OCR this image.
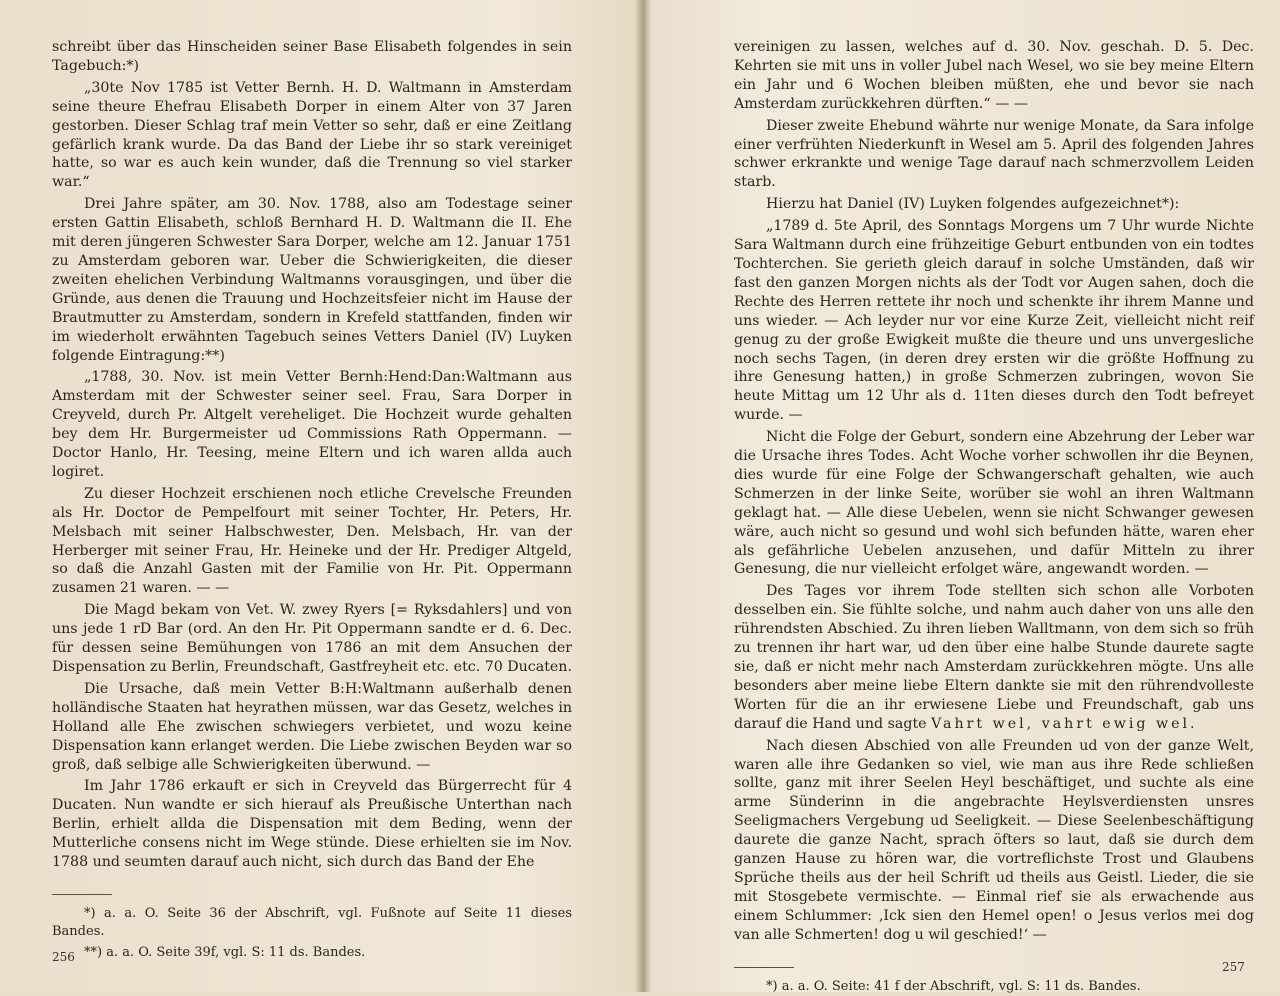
schreibt über das Hinscheiden seiner Base Elisabeth folgendes in sein Tagebuch:*)

„30te Nov 1785 ist Vetter Bernh. H. D. Waltmann in Amsterdam seine theure Ehefrau Elisabeth Dorper in einem Alter von 37 Jaren gestorben. Dieser Schlag traf mein Vetter so sehr, daß er eine Zeitlang gefärlich krank wurde. Da das Band der Liebe ihr so stark vereiniget hatte, so war es auch kein wunder, daß die Trennung so viel starker war.“

Drei Jahre später, am 30. Nov. 1788, also am Todestage seiner ersten Gattin Elisabeth, schloß Bernhard H. D. Waltmann die II. Ehe mit deren jüngeren Schwester Sara Dorper, welche am 12. Januar 1751 zu Amsterdam geboren war. Ueber die Schwierigkeiten, die dieser zweiten ehelichen Verbindung Waltmanns vorausgingen, und über die Gründe, aus denen die Trauung und Hochzeitsfeier nicht im Hause der Brautmutter zu Amsterdam, sondern in Krefeld stattfanden, finden wir im wiederholt erwähnten Tagebuch seines Vetters Daniel (IV) Luyken folgende Eintragung:**)

„1788, 30. Nov. ist mein Vetter Bernh:Hend:Dan:Waltmann aus Amsterdam mit der Schwester seiner seel. Frau, Sara Dorper in Creyveld, durch Pr. Altgelt vereheliget. Die Hochzeit wurde gehalten bey dem Hr. Burgermeister ud Commissions Rath Oppermann. — Doctor Hanlo, Hr. Teesing, meine Eltern und ich waren allda auch logiret.

Zu dieser Hochzeit erschienen noch etliche Crevelsche Freunden als Hr. Doctor de Pempelfourt mit seiner Tochter, Hr. Peters, Hr. Melsbach mit seiner Halbschwester, Den. Melsbach, Hr. van der Herberger mit seiner Frau, Hr. Heineke und der Hr. Prediger Altgeld, so daß die Anzahl Gasten mit der Familie von Hr. Pit. Oppermann zusamen 21 waren. — —

Die Magd bekam von Vet. W. zwey Ryers [= Ryksdahlers] und von uns jede 1 rD Bar (ord. An den Hr. Pit Oppermann sandte er d. 6. Dec. für dessen seine Bemühungen von 1786 an mit dem Ansuchen der Dispensation zu Berlin, Freundschaft, Gastfreyheit etc. etc. 70 Ducaten.

Die Ursache, daß mein Vetter B:H:Waltmann außerhalb denen holländische Staaten hat heyrathen müssen, war das Gesetz, welches in Holland alle Ehe zwischen schwiegers verbietet, und wozu keine Dispensation kann erlanget werden. Die Liebe zwischen Beyden war so groß, daß selbige alle Schwierigkeiten überwund. —

Im Jahr 1786 erkauft er sich in Creyveld das Bürgerrecht für 4 Ducaten. Nun wandte er sich hierauf als Preußische Unterthan nach Berlin, erhielt allda die Dispensation mit dem Beding, wenn der Mutterliche consens nicht im Wege stünde. Diese erhielten sie im Nov. 1788 und seumten darauf auch nicht, sich durch das Band der Ehe

*) a. a. O. Seite 36 der Abschrift, vgl. Fußnote auf Seite 11 dieses Bandes.

**) a. a. O. Seite 39f, vgl. S: 11 ds. Bandes.

256

vereinigen zu lassen, welches auf d. 30. Nov. geschah. D. 5. Dec. Kehrten sie mit uns in voller Jubel nach Wesel, wo sie bey meine Eltern ein Jahr und 6 Wochen bleiben müßten, ehe und bevor sie nach Amsterdam zurückkehren dürften.“ — —

Dieser zweite Ehebund währte nur wenige Monate, da Sara infolge einer verfrühten Niederkunft in Wesel am 5. April des folgenden Jahres schwer erkrankte und wenige Tage darauf nach schmerzvollem Leiden starb.

Hierzu hat Daniel (IV) Luyken folgendes aufgezeichnet*):

„1789 d. 5te April, des Sonntags Morgens um 7 Uhr wurde Nichte Sara Waltmann durch eine frühzeitige Geburt entbunden von ein todtes Tochterchen. Sie gerieth gleich darauf in solche Umständen, daß wir fast den ganzen Morgen nichts als der Todt vor Augen sahen, doch die Rechte des Herren rettete ihr noch und schenkte ihr ihrem Manne und uns wieder. — Ach leyder nur vor eine Kurze Zeit, vielleicht nicht reif genug zu der große Ewigkeit mußte die theure und uns unvergesliche noch sechs Tagen, (in deren drey ersten wir die größte Hoffnung zu ihre Genesung hatten,) in große Schmerzen zubringen, wovon Sie heute Mittag um 12 Uhr als d. 11ten dieses durch den Todt befreyet wurde. —

Nicht die Folge der Geburt, sondern eine Abzehrung der Leber war die Ursache ihres Todes. Acht Woche vorher schwollen ihr die Beynen, dies wurde für eine Folge der Schwangerschaft gehalten, wie auch Schmerzen in der linke Seite, worüber sie wohl an ihren Waltmann geklagt hat. — Alle diese Uebelen, wenn sie nicht Schwanger gewesen wäre, auch nicht so gesund und wohl sich befunden hätte, waren eher als gefährliche Uebelen anzusehen, und dafür Mitteln zu ihrer Genesung, die nur vielleicht erfolget wäre, angewandt worden. —

Des Tages vor ihrem Tode stellten sich schon alle Vorboten desselben ein. Sie fühlte solche, und nahm auch daher von uns alle den rührendsten Abschied. Zu ihren lieben Walltmann, von dem sich so früh zu trennen ihr hart war, ud den über eine halbe Stunde daurete sagte sie, daß er nicht mehr nach Amsterdam zurückkehren mögte. Uns alle besonders aber meine liebe Eltern dankte sie mit den rührendvolleste Worten für die an ihr erwiesene Liebe und Freundschaft, gab uns darauf die Hand und sagte Vahrt wel, vahrt ewig wel.

Nach diesen Abschied von alle Freunden ud von der ganze Welt, waren alle ihre Gedanken so viel, wie man aus ihre Rede schließen sollte, ganz mit ihrer Seelen Heyl beschäftiget, und suchte als eine arme Sünderinn in die angebrachte Heylsverdiensten unsres Seeligmachers Vergebung ud Seeligkeit. — Diese Seelenbeschäftigung daurete die ganze Nacht, sprach öfters so laut, daß sie durch dem ganzen Hause zu hören war, die vortreflichste Trost und Glaubens Sprüche theils aus der heil Schrift ud theils aus Geistl. Lieder, die sie mit Stosgebete vermischte. — Einmal rief sie als erwachende aus einem Schlummer: ‚Ick sien den Hemel open! o Jesus verlos mei dog van alle Schmerten! dog u wil geschied!‘ —

*) a. a. O. Seite: 41 f der Abschrift, vgl. S: 11 ds. Bandes.

257
